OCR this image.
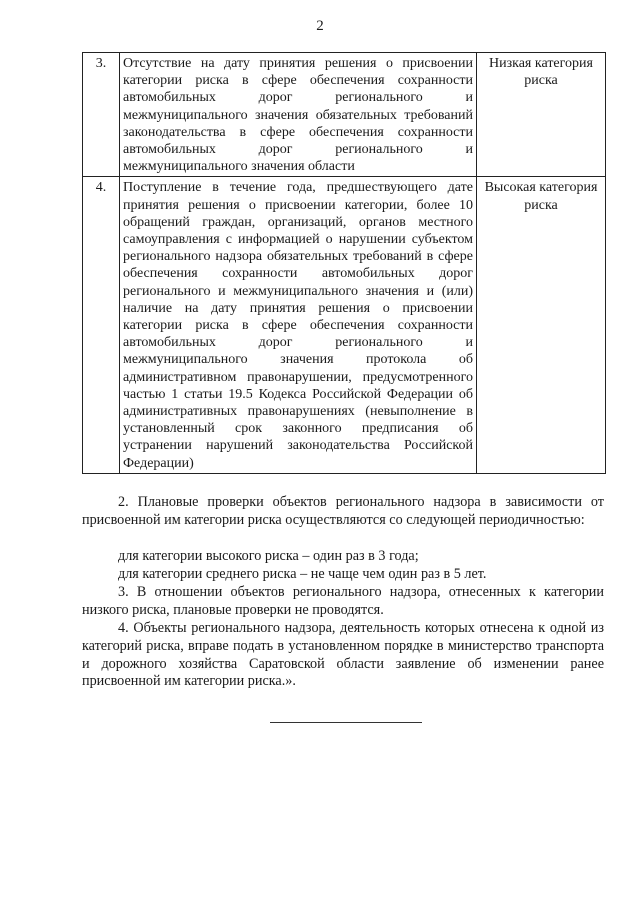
2
3.	Отсутствие на дату принятия решения о присвоении категории риска в сфере обеспечения сохранности автомобильных дорог регионального и межмуниципального значения обязательных требований законодательства в сфере обеспечения сохранности автомобильных дорог регионального и межмуниципального значения области	Низкая категория риска
4.	Поступление в течение года, предшествующего дате принятия решения о присвоении категории, более 10 обращений граждан, организаций, органов местного самоуправления с информацией о нарушении субъектом регионального надзора обязательных требований в сфере обеспечения сохранности автомобильных дорог регионального и межмуниципального значения и (или) наличие на дату принятия решения о присвоении категории риска в сфере обеспечения сохранности автомобильных дорог регионального и межмуниципального значения протокола об административном правонарушении, предусмотренного частью 1 статьи 19.5 Кодекса Российской Федерации об административных правонарушениях (невыполнение в установленный срок законного предписания об устранении нарушений законодательства Российской Федерации)	Высокая категория риска

2. Плановые проверки объектов регионального надзора в зависимости от присвоенной им категории риска осуществляются со следующей периодичностью:

для категории высокого риска – один раз в 3 года;

для категории среднего риска – не чаще чем один раз в 5 лет.

3. В отношении объектов регионального надзора, отнесенных к категории низкого риска, плановые проверки не проводятся.

4. Объекты регионального надзора, деятельность которых отнесена к одной из категорий риска, вправе подать в установленном порядке в министерство транспорта и дорожного хозяйства Саратовской области заявление об изменении ранее присвоенной им категории риска.».
